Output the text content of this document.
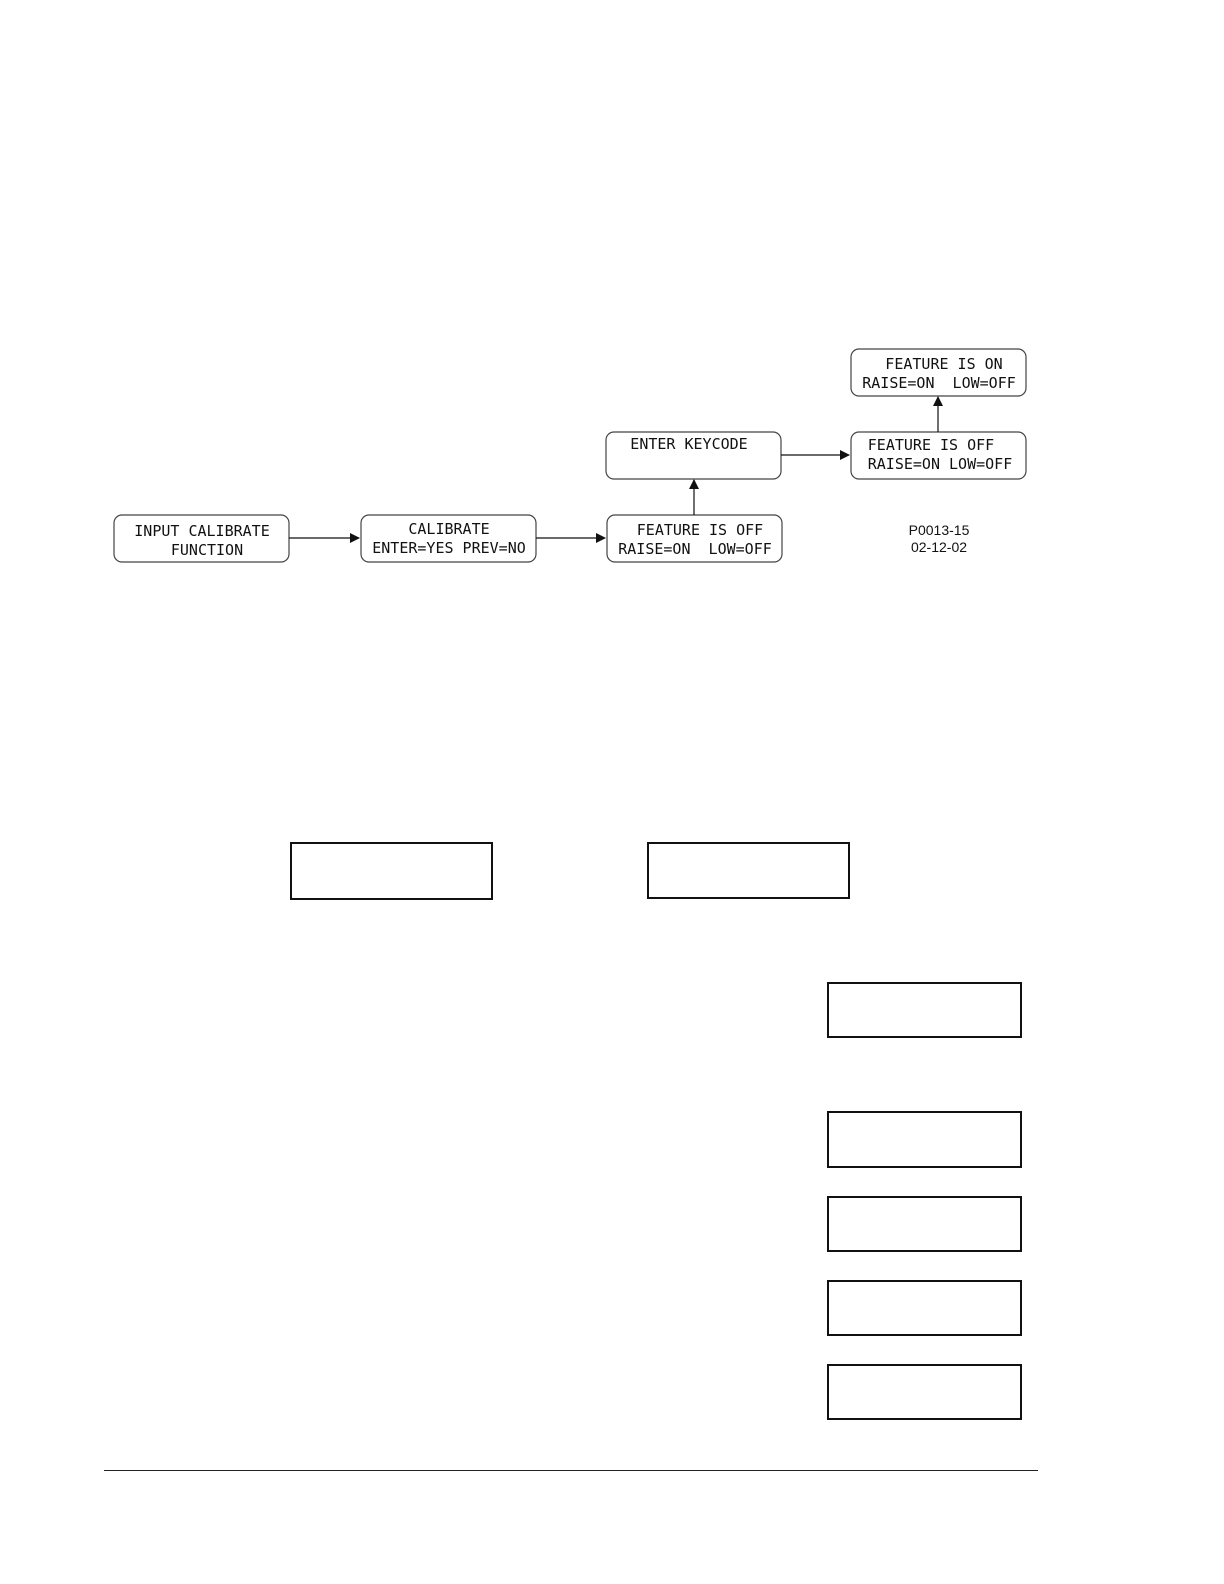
INPUT CALIBRATE
FUNCTION
CALIBRATE
ENTER=YES PREV=NO
FEATURE IS OFF
RAISE=ON  LOW=OFF
ENTER KEYCODE	FEATURE IS OFF
RAISE=ON LOW=OFF
FEATURE IS ON
RAISE=ON  LOW=OFF
P0013-15
02-12-02
